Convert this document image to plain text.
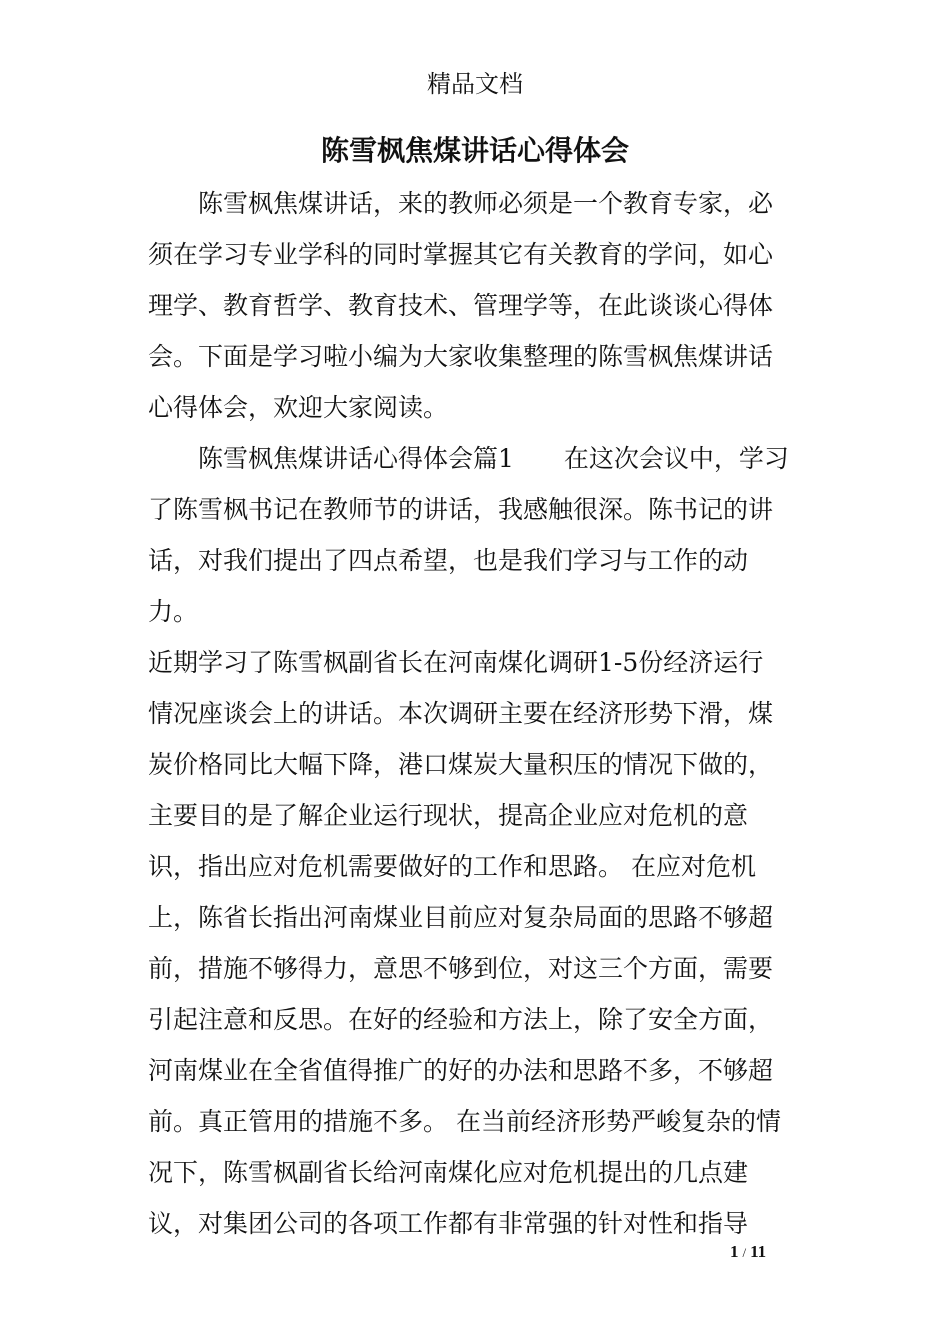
精品文档
陈雪枫焦煤讲话心得体会
陈雪枫焦煤讲话，来的教师必须是一个教育专家，必
须在学习专业学科的同时掌握其它有关教育的学问，如心
理学、教育哲学、教育技术、管理学等，在此谈谈心得体
会。下面是学习啦小编为大家收集整理的陈雪枫焦煤讲话
心得体会，欢迎大家阅读。
陈雪枫焦煤讲话心得体会篇1　　在这次会议中，学习
了陈雪枫书记在教师节的讲话，我感触很深。陈书记的讲
话，对我们提出了四点希望，也是我们学习与工作的动
力。
近期学习了陈雪枫副省长在河南煤化调研1-5份经济运行
情况座谈会上的讲话。本次调研主要在经济形势下滑，煤
炭价格同比大幅下降，港口煤炭大量积压的情况下做的，
主要目的是了解企业运行现状，提高企业应对危机的意
识，指出应对危机需要做好的工作和思路。 在应对危机
上，陈省长指出河南煤业目前应对复杂局面的思路不够超
前，措施不够得力，意思不够到位，对这三个方面，需要
引起注意和反思。在好的经验和方法上，除了安全方面，
河南煤业在全省值得推广的好的办法和思路不多，不够超
前。真正管用的措施不多。 在当前经济形势严峻复杂的情
况下，陈雪枫副省长给河南煤化应对危机提出的几点建
议，对集团公司的各项工作都有非常强的针对性和指导
1 / 11
